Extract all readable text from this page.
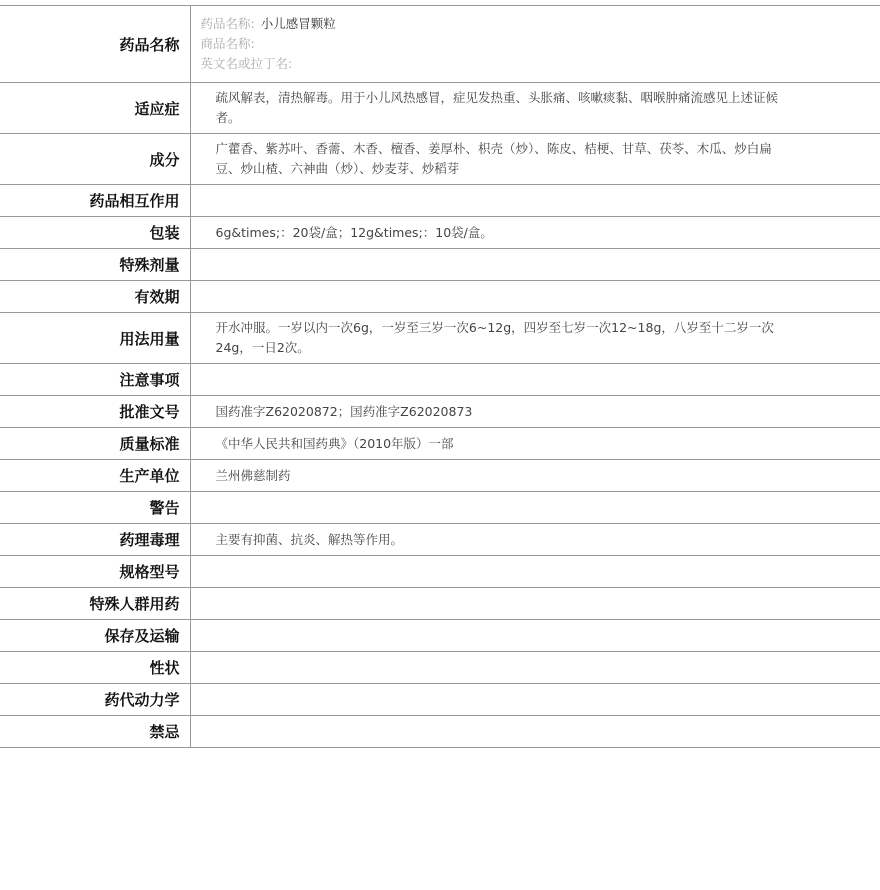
药品名称	药品名称: 小儿感冒颗粒
商品名称:
英文名或拉丁名:

适应症	疏风解表，清热解毒。用于小儿风热感冒，症见发热重、头胀痛、咳嗽痰黏、咽喉肿痛流感见上述证候者。
成分	广藿香、紫苏叶、香薷、木香、檀香、姜厚朴、枳壳（炒）、陈皮、桔梗、甘草、茯苓、木瓜、炒白扁豆、炒山楂、六神曲（炒）、炒麦芽、炒稻芽
药品相互作用	
包装	6g&times;：20袋/盒；12g&times;：10袋/盒。
特殊剂量	
有效期	
用法用量	开水冲服。一岁以内一次6g，一岁至三岁一次6~12g，四岁至七岁一次12~18g，八岁至十二岁一次24g，一日2次。
注意事项	
批准文号	国药准字Z62020872；国药准字Z62020873
质量标准	《中华人民共和国药典》（2010年版）一部
生产单位	兰州佛慈制药
警告	
药理毒理	主要有抑菌、抗炎、解热等作用。
规格型号	
特殊人群用药	
保存及运输	
性状	
药代动力学	
禁忌	
